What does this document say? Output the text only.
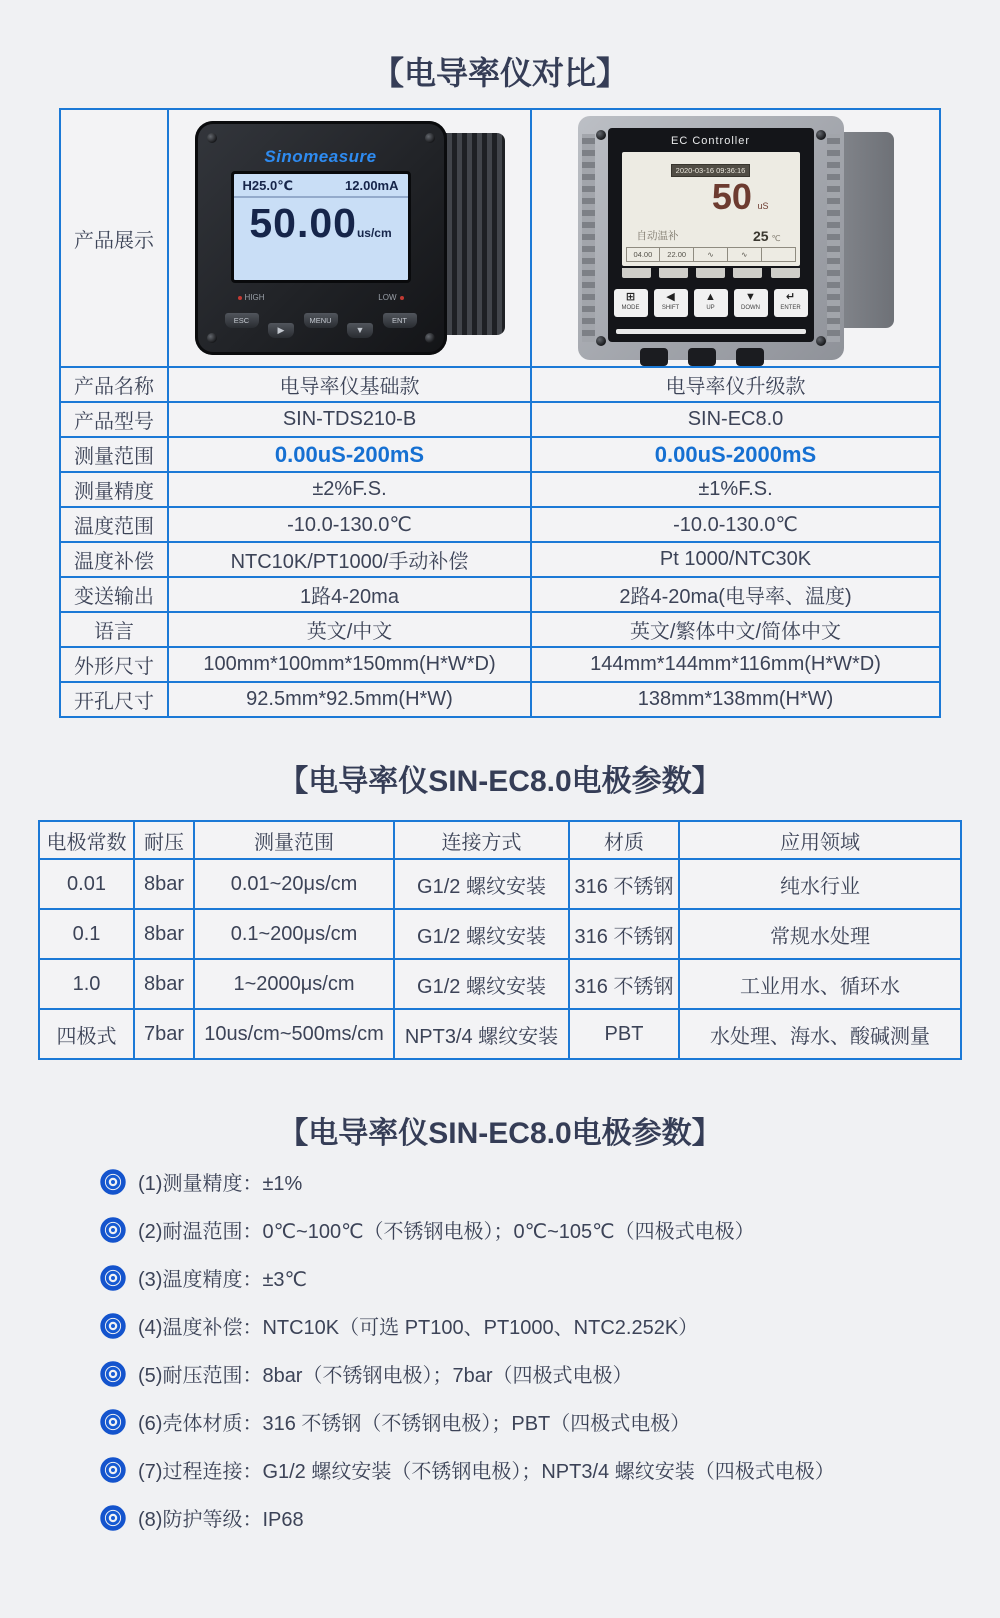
【电导率仪对比】
产品展示	
Sinomeasure
H25.0℃	12.00mA
50.00us/cm
HIGH	LOW
ESC
▶
MENU
▼
ENT

EC Controller
2020-03-16 09:36:16
50 uS
自动温补	25 ℃
04.00	22.00	∿	∿
⊞
MODE
◀
SHIFT
▲
UP
▼
DOWN
↵
ENTER

产品名称	电导率仪基础款	电导率仪升级款
产品型号	SIN-TDS210-B	SIN-EC8.0
测量范围	0.00uS-200mS	0.00uS-2000mS
测量精度	±2%F.S.	±1%F.S.
温度范围	-10.0-130.0℃	-10.0-130.0℃
温度补偿	NTC10K/PT1000/手动补偿	Pt 1000/NTC30K
变送输出	1路4-20ma	2路4-20ma(电导率、温度)
语言	英文/中文	英文/繁体中文/简体中文
外形尺寸	100mm*100mm*150mm(H*W*D)	144mm*144mm*116mm(H*W*D)
开孔尺寸	92.5mm*92.5mm(H*W)	138mm*138mm(H*W)
【电导率仪SIN-EC8.0电极参数】
电极常数	耐压	测量范围	连接方式	材质	应用领域
0.01	8bar	0.01~20μs/cm	G1/2 螺纹安装	316 不锈钢	纯水行业
0.1	8bar	0.1~200μs/cm	G1/2 螺纹安装	316 不锈钢	常规水处理
1.0	8bar	1~2000μs/cm	G1/2 螺纹安装	316 不锈钢	工业用水、循环水
四极式	7bar	10us/cm~500ms/cm	NPT3/4 螺纹安装	PBT	水处理、海水、酸碱测量
【电导率仪SIN-EC8.0电极参数】
(1)测量精度：±1%
(2)耐温范围：0℃~100℃（不锈钢电极）；0℃~105℃（四极式电极）
(3)温度精度：±3℃
(4)温度补偿：NTC10K（可选 PT100、PT1000、NTC2.252K）
(5)耐压范围：8bar（不锈钢电极）；7bar（四极式电极）
(6)壳体材质：316 不锈钢（不锈钢电极）；PBT（四极式电极）
(7)过程连接：G1/2 螺纹安装（不锈钢电极）；NPT3/4 螺纹安装（四极式电极）
(8)防护等级：IP68
